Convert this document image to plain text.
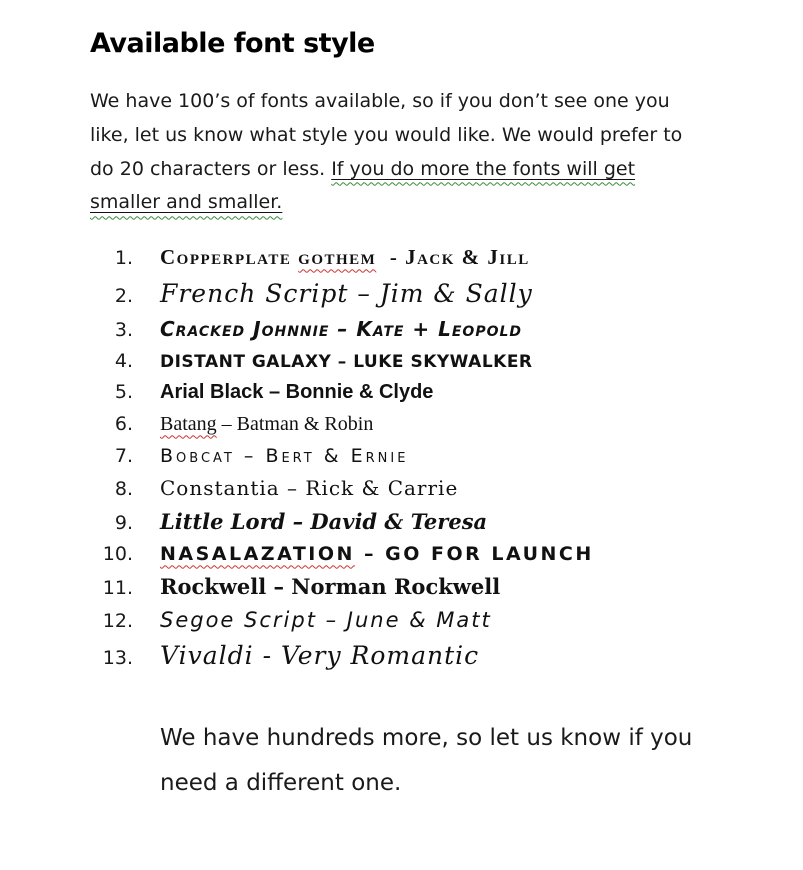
Available font style

We have 100’s of fonts available, so if you don’t see one you like, let us know what style you would like. We would prefer to do 20 characters or less. If you do more the fonts will get smaller and smaller.

1. Copperplate gothem  - Jack & Jill
2. French Script – Jim & Sally
3. Cracked Johnnie – Kate + Leopold
4. DISTANT GALAXY – LUKE SKYWALKER
5. Arial Black – Bonnie & Clyde
6. Batang – Batman & Robin
7. Bobcat – Bert & Ernie
8. Constantia – Rick & Carrie
9. Little Lord – David & Teresa
10. NASALAZATION – GO FOR LAUNCH
11. Rockwell – Norman Rockwell
12. Segoe Script – June & Matt
13. Vivaldi - Very Romantic

We have hundreds more, so let us know if you need a different one.
